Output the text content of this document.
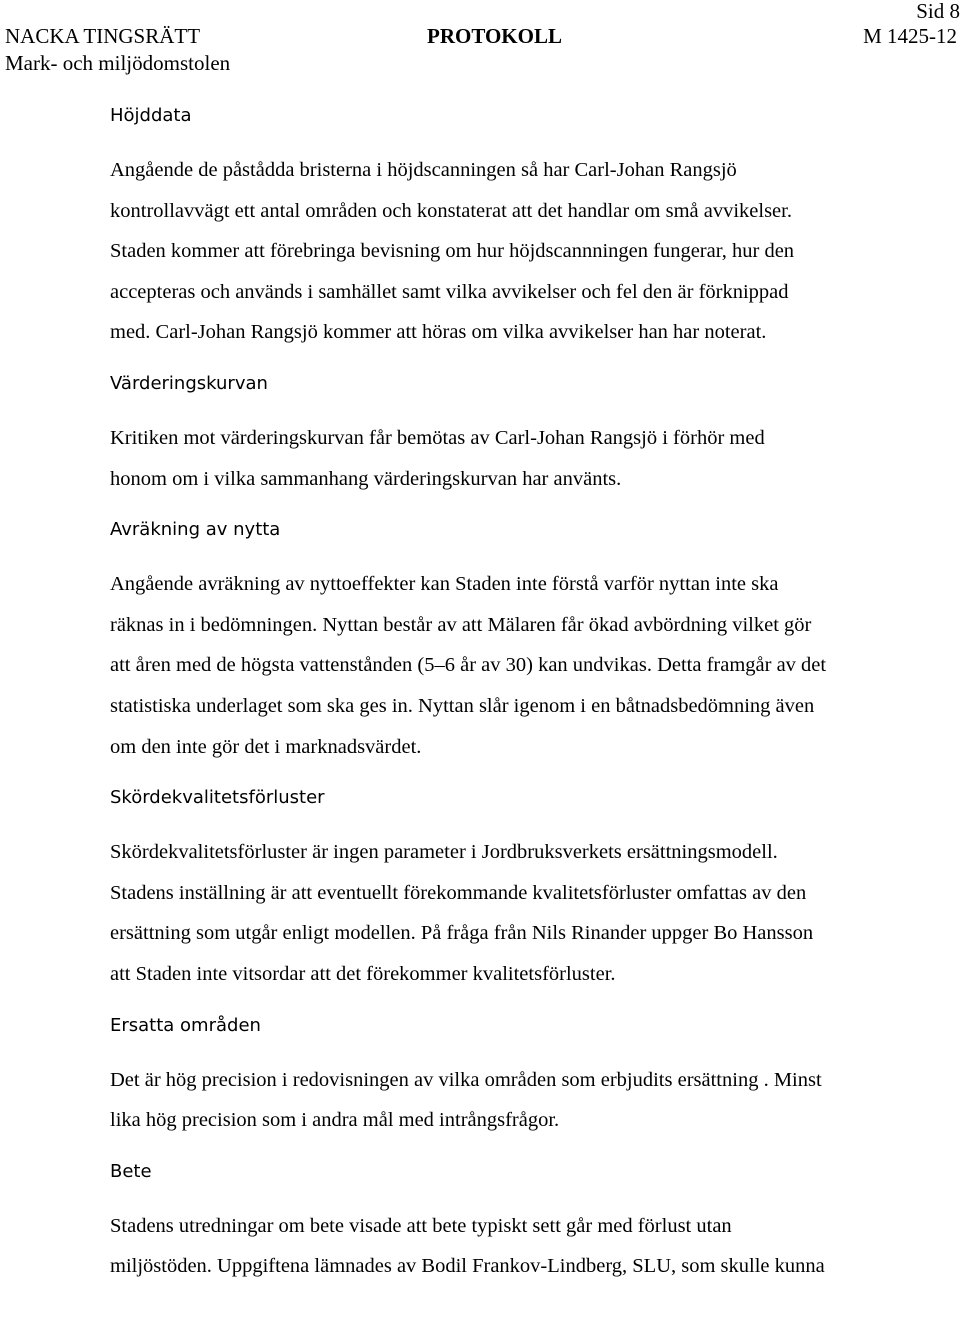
Sid 8
NACKA TINGSRÄTT
Mark- och miljödomstolen
PROTOKOLL	M 1425-12
Höjddata
Angående de påstådda bristerna i höjdscanningen så har Carl-Johan Rangsjö
kontrollavvägt ett antal områden och konstaterat att det handlar om små avvikelser.
Staden kommer att förebringa bevisning om hur höjdscannningen fungerar, hur den
accepteras och används i samhället samt vilka avvikelser och fel den är förknippad
med. Carl-Johan Rangsjö kommer att höras om vilka avvikelser han har noterat.
Värderingskurvan
Kritiken mot värderingskurvan får bemötas av Carl-Johan Rangsjö i förhör med
honom om i vilka sammanhang värderingskurvan har använts.
Avräkning av nytta
Angående avräkning av nyttoeffekter kan Staden inte förstå varför nyttan inte ska
räknas in i bedömningen. Nyttan består av att Mälaren får ökad avbördning vilket gör
att åren med de högsta vattenstånden (5–6 år av 30) kan undvikas. Detta framgår av det
statistiska underlaget som ska ges in. Nyttan slår igenom i en båtnadsbedömning även
om den inte gör det i marknadsvärdet.
Skördekvalitetsförluster
Skördekvalitetsförluster är ingen parameter i Jordbruksverkets ersättningsmodell.
Stadens inställning är att eventuellt förekommande kvalitetsförluster omfattas av den
ersättning som utgår enligt modellen. På fråga från Nils Rinander uppger Bo Hansson
att Staden inte vitsordar att det förekommer kvalitetsförluster.
Ersatta områden
Det är hög precision i redovisningen av vilka områden som erbjudits ersättning . Minst
lika hög precision som i andra mål med intrångsfrågor.
Bete
Stadens utredningar om bete visade att bete typiskt sett går med förlust utan
miljöstöden. Uppgiftena lämnades av Bodil Frankov-Lindberg, SLU, som skulle kunna
